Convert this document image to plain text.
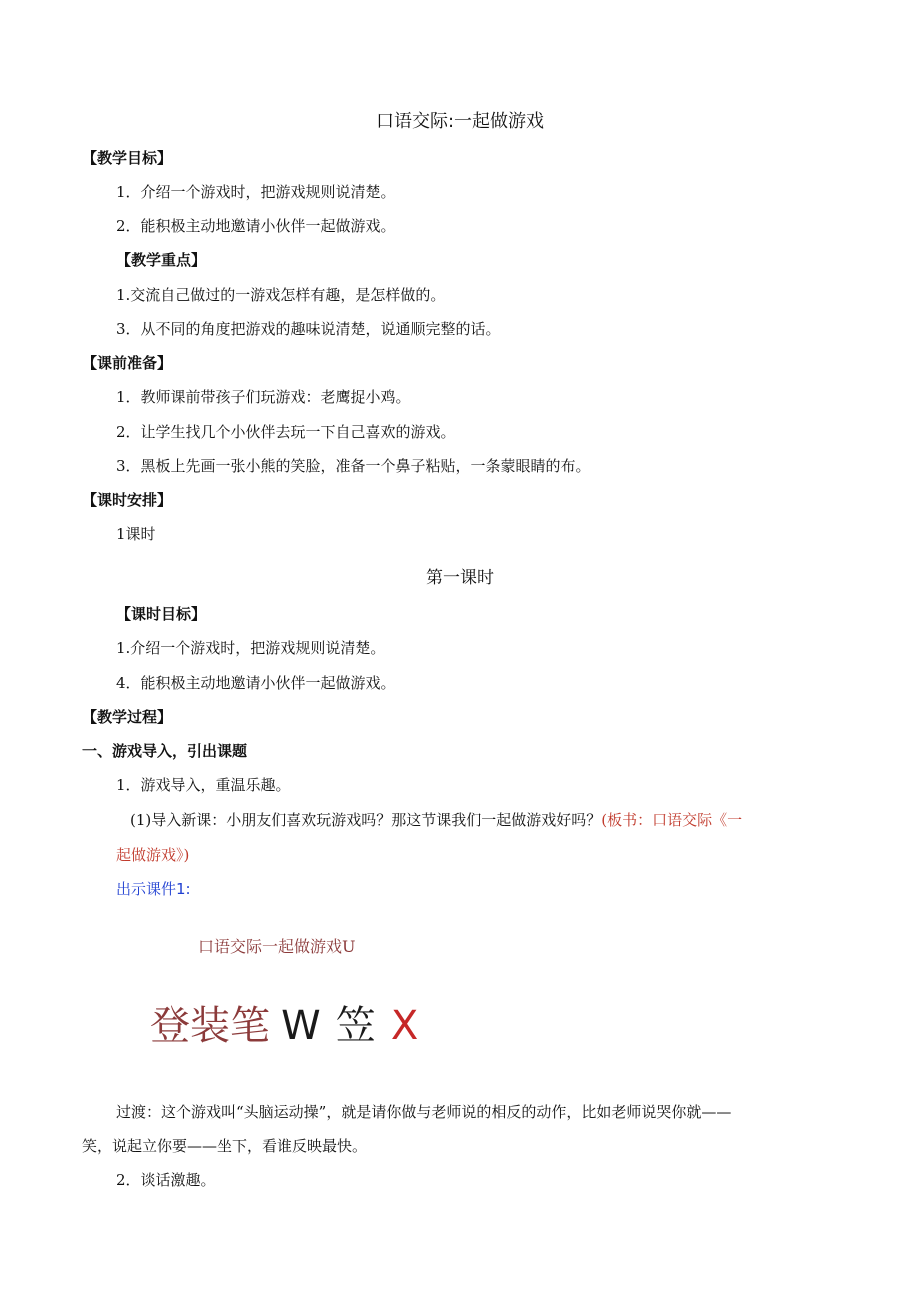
口语交际:一起做游戏
【教学目标】
1．介绍一个游戏时，把游戏规则说清楚。
2．能积极主动地邀请小伙伴一起做游戏。
【教学重点】
1.交流自己做过的一游戏怎样有趣，是怎样做的。
3．从不同的角度把游戏的趣味说清楚，说通顺完整的话。
【课前准备】
1．教师课前带孩子们玩游戏：老鹰捉小鸡。
2．让学生找几个小伙伴去玩一下自己喜欢的游戏。
3．黑板上先画一张小熊的笑脸，准备一个鼻子粘贴，一条蒙眼睛的布。
【课时安排】
1课时
第一课时
【课时目标】
1.介绍一个游戏时，把游戏规则说清楚。
4．能积极主动地邀请小伙伴一起做游戏。
【教学过程】
一、游戏导入，引出课题
1．游戏导入，重温乐趣。
(1)导入新课：小朋友们喜欢玩游戏吗？那这节课我们一起做游戏好吗？(板书：口语交际《一
起做游戏》)
出示课件1:
口语交际一起做游戏U
登装笔 W 笠 X
过渡：这个游戏叫“头脑运动操”，就是请你做与老师说的相反的动作，比如老师说哭你就——
笑，说起立你要——坐下，看谁反映最快。
2．谈话激趣。
